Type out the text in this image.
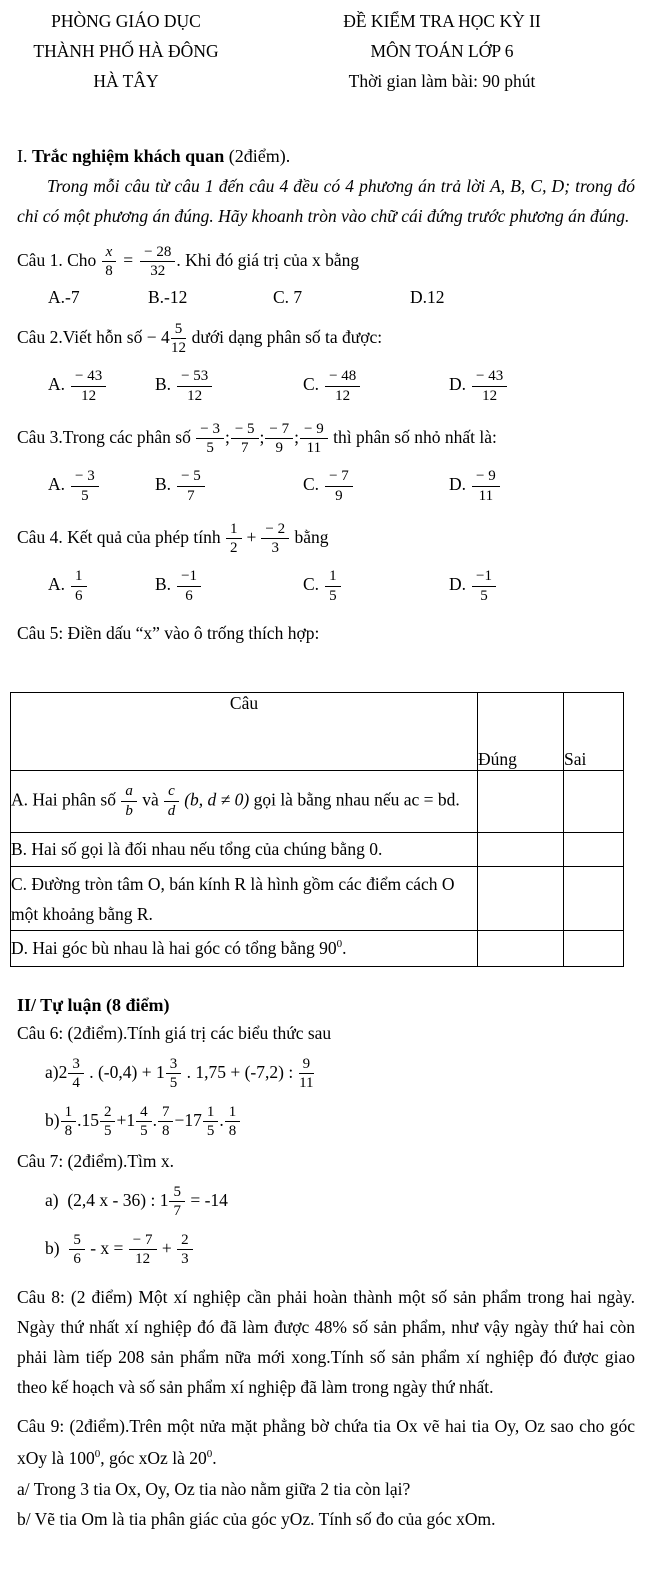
PHÒNG GIÁO DỤC
THÀNH PHỐ HÀ ĐÔNG
HÀ TÂY
ĐỀ KIỂM TRA HỌC KỲ II
MÔN TOÁN LỚP 6
Thời gian làm bài: 90 phút
I. Trắc nghiệm khách quan (2điểm).
Trong mỗi câu từ câu 1 đến câu 4 đều có 4 phương án trả lời A, B, C, D; trong đó chỉ có một phương án đúng. Hãy khoanh tròn vào chữ cái đứng trước phương án đúng.
Câu 1. Cho $\frac{x}{8} = \frac{- 28}{32}$ . Khi đó giá trị của x bằng
A.-7	B.-12	C. 7	D.12
Câu 2.Viết hỗn số − $4 \frac{5}{12}$ dưới dạng phân số ta được:
A. $\frac{- 43}{12}$	B. $\frac{- 53}{12}$	C. $\frac{- 48}{12}$	D. $\frac{- 43}{12}$
Câu 3.Trong các phân số $\frac{- 3}{5}$ ; $\frac{- 5}{7}$ ; $\frac{- 7}{9}$ ; $\frac{- 9}{11}$ thì phân số nhỏ nhất là:
A. $\frac{- 3}{5}$	B. $\frac{- 5}{7}$	C. $\frac{- 7}{9}$	D. $\frac{- 9}{11}$
Câu 4. Kết quả của phép tính $\frac{1}{2} + \frac{- 2}{3}$ bằng
A. $\frac{1}{6}$	B. $\frac{-1}{6}$	C. $\frac{1}{5}$	D. $\frac{-1}{5}$
Câu 5: Điền dấu “x” vào ô trống thích hợp:
Câu	Đúng	Sai
A. Hai phân số $\frac{a}{b}$ và $\frac{c}{d} (b$, d ≠ 0) gọi là bằng nhau nếu ac = bd.		
B. Hai số gọi là đối nhau nếu tổng của chúng bằng 0.		
C. Đường tròn tâm O, bán kính R là hình gồm các điểm cách O một khoảng bằng R.		
D. Hai góc bù nhau là hai góc có tổng bằng $90^0$.		
II/ Tự luận (8 điểm)
Câu 6: (2điểm).Tính giá trị các biểu thức sau
$a)2 \frac{3}{4}$ . $(-0,4) + 1 \frac{3}{5}$ . 1,75 + (-7,2) : $\frac{9}{11}$
$b) \frac{1}{8} .15 \frac{2}{5} +1 \frac{4}{5}$ . $\frac{7}{8} -17 \frac{1}{5}$ . $\frac{1}{8}$
Câu 7: (2điểm).Tìm x.
a) (2,4 x - 36) : $1 \frac{5}{7} = -14$
$b) \frac{5}{6} - x = \frac{- 7}{12} + \frac{2}{3}$
Câu 8: (2 điểm) Một xí nghiệp cần phải hoàn thành một số sản phẩm trong hai ngày. Ngày thứ nhất xí nghiệp đó đã làm được 48% số sản phẩm, như vậy ngày thứ hai còn phải làm tiếp 208 sản phẩm nữa mới xong.Tính số sản phẩm xí nghiệp đó được giao theo kế hoạch và số sản phẩm xí nghiệp đã làm trong ngày thứ nhất.
Câu 9: (2điểm).Trên một nửa mặt phẳng bờ chứa tia Ox vẽ hai tia Oy, Oz sao cho góc xOy là $100^0$, góc xOz là $20^0$.
a/ Trong 3 tia Ox, Oy, Oz tia nào nằm giữa 2 tia còn lại?
b/ Vẽ tia Om là tia phân giác của góc yOz. Tính số đo của góc xOm.
